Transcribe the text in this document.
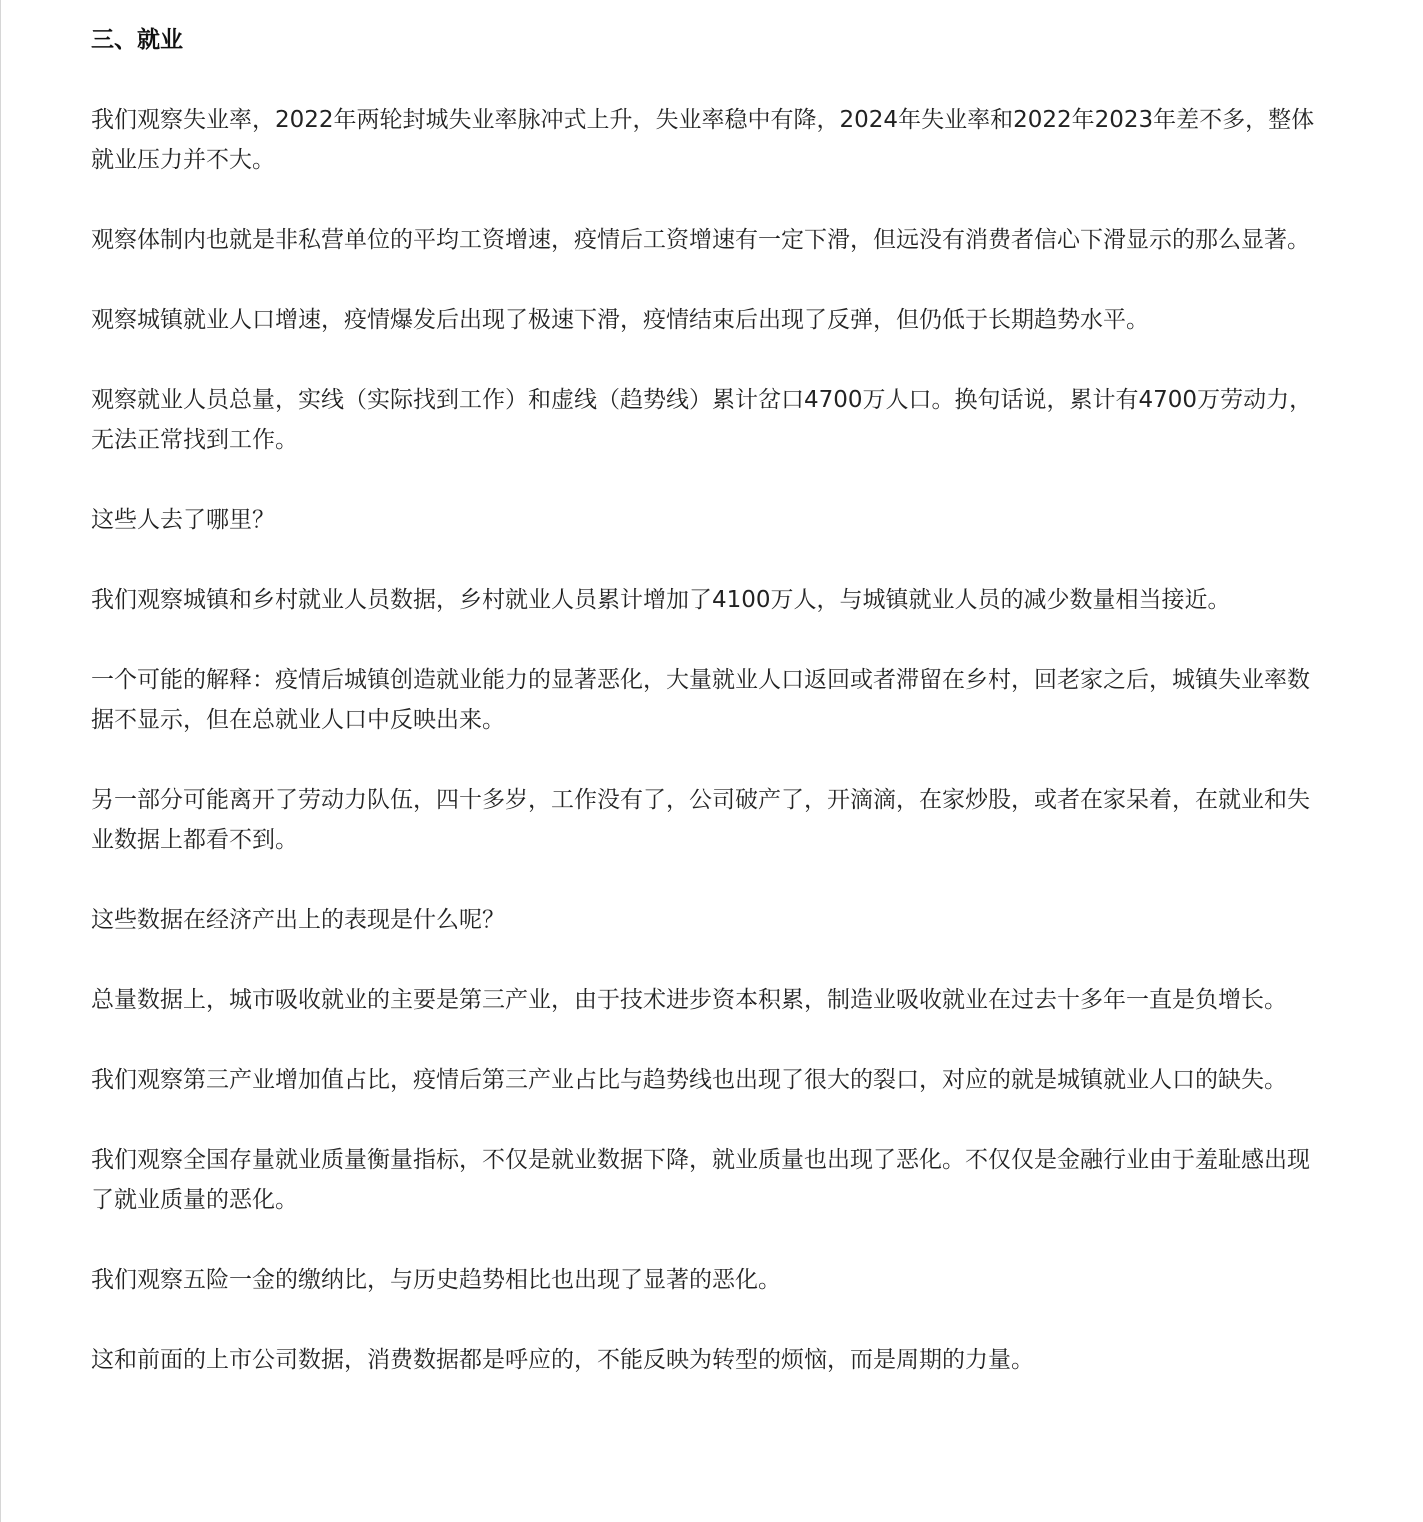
三、就业

我们观察失业率，2022年两轮封城失业率脉冲式上升，失业率稳中有降，2024年失业率和2022年2023年差不多，整体就业压力并不大。

观察体制内也就是非私营单位的平均工资增速，疫情后工资增速有一定下滑，但远没有消费者信心下滑显示的那么显著。

观察城镇就业人口增速，疫情爆发后出现了极速下滑，疫情结束后出现了反弹，但仍低于长期趋势水平。

观察就业人员总量，实线（实际找到工作）和虚线（趋势线）累计岔口4700万人口。换句话说，累计有4700万劳动力，无法正常找到工作。

这些人去了哪里？

我们观察城镇和乡村就业人员数据，乡村就业人员累计增加了4100万人，与城镇就业人员的减少数量相当接近。

一个可能的解释：疫情后城镇创造就业能力的显著恶化，大量就业人口返回或者滞留在乡村，回老家之后，城镇失业率数据不显示，但在总就业人口中反映出来。

另一部分可能离开了劳动力队伍，四十多岁，工作没有了，公司破产了，开滴滴，在家炒股，或者在家呆着，在就业和失业数据上都看不到。

这些数据在经济产出上的表现是什么呢？

总量数据上，城市吸收就业的主要是第三产业，由于技术进步资本积累，制造业吸收就业在过去十多年一直是负增长。

我们观察第三产业增加值占比，疫情后第三产业占比与趋势线也出现了很大的裂口，对应的就是城镇就业人口的缺失。

我们观察全国存量就业质量衡量指标，不仅是就业数据下降，就业质量也出现了恶化。不仅仅是金融行业由于羞耻感出现了就业质量的恶化。

我们观察五险一金的缴纳比，与历史趋势相比也出现了显著的恶化。

这和前面的上市公司数据，消费数据都是呼应的，不能反映为转型的烦恼，而是周期的力量。
